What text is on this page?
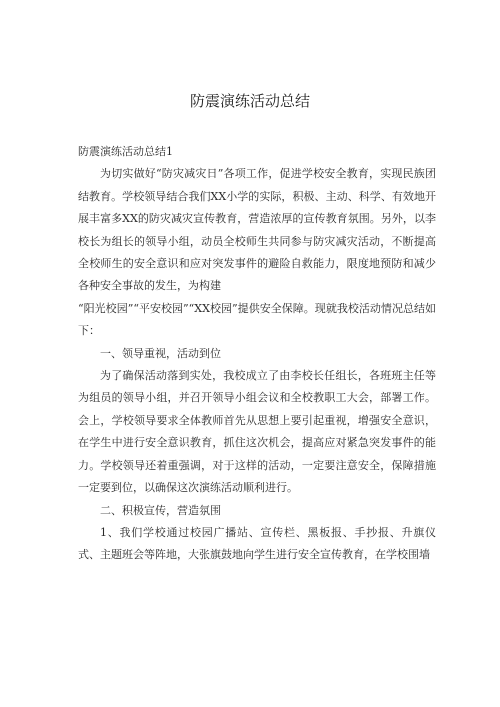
防震演练活动总结

防震演练活动总结1

为切实做好“防灾减灾日”各项工作，促进学校安全教育，实现民族团结教育。学校领导结合我们XX小学的实际，积极、主动、科学、有效地开展丰富多XX的防灾减灾宣传教育，营造浓厚的宣传教育氛围。另外，以李校长为组长的领导小组，动员全校师生共同参与防灾减灾活动，不断提高全校师生的安全意识和应对突发事件的避险自救能力，限度地预防和减少各种安全事故的发生，为构建

“阳光校园”“平安校园”“XX校园”提供安全保障。现就我校活动情况总结如下：

一、领导重视，活动到位

为了确保活动落到实处，我校成立了由李校长任组长，各班班主任等为组员的领导小组，并召开领导小组会议和全校教职工大会，部署工作。会上，学校领导要求全体教师首先从思想上要引起重视，增强安全意识，在学生中进行安全意识教育，抓住这次机会，提高应对紧急突发事件的能力。学校领导还着重强调，对于这样的活动，一定要注意安全，保障措施一定要到位，以确保这次演练活动顺利进行。

二、积极宣传，营造氛围

1、我们学校通过校园广播站、宣传栏、黑板报、手抄报、升旗仪式、主题班会等阵地，大张旗鼓地向学生进行安全宣传教育，在学校围墙
